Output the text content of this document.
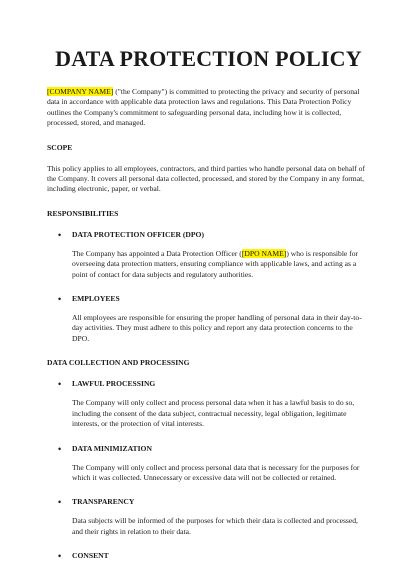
DATA PROTECTION POLICY

[COMPANY NAME] ("the Company") is committed to protecting the privacy and security of personal data in accordance with applicable data protection laws and regulations. This Data Protection Policy outlines the Company's commitment to safeguarding personal data, including how it is collected, processed, stored, and managed.

SCOPE

This policy applies to all employees, contractors, and third parties who handle personal data on behalf of the Company. It covers all personal data collected, processed, and stored by the Company in any format, including electronic, paper, or verbal.

RESPONSIBILITIES
• DATA PROTECTION OFFICER (DPO)

The Company has appointed a Data Protection Officer ([DPO NAME]) who is responsible for overseeing data protection matters, ensuring compliance with applicable laws, and acting as a point of contact for data subjects and regulatory authorities.

• EMPLOYEES

All employees are responsible for ensuring the proper handling of personal data in their day-to-day activities. They must adhere to this policy and report any data protection concerns to the DPO.

DATA COLLECTION AND PROCESSING
• LAWFUL PROCESSING

The Company will only collect and process personal data when it has a lawful basis to do so, including the consent of the data subject, contractual necessity, legal obligation, legitimate interests, or the protection of vital interests.

• DATA MINIMIZATION

The Company will only collect and process personal data that is necessary for the purposes for which it was collected. Unnecessary or excessive data will not be collected or retained.

• TRANSPARENCY

Data subjects will be informed of the purposes for which their data is collected and processed, and their rights in relation to their data.

• CONSENT
